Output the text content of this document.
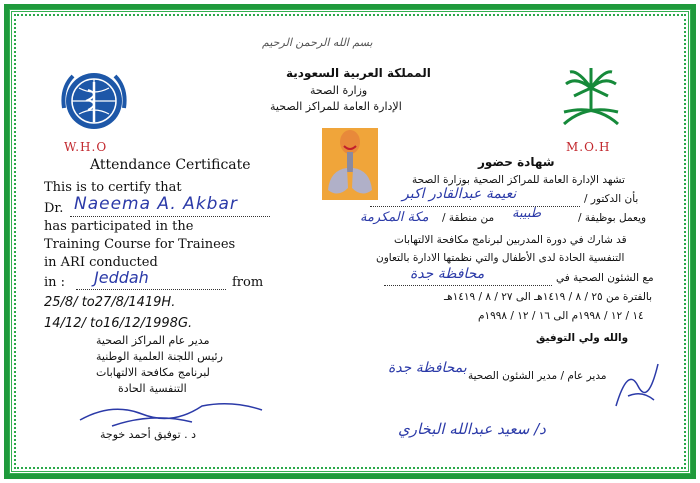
بسم الله الرحمن الرحيم
المملكة العربية السعودية
وزارة الصحة
الإدارة العامة للمراكز الصحية
W.H.O	M.O.H
Attendance Certificate	شهادة حضور
This is to certify that
Dr. Naeema A. Akbar
has participated in the
Training Course for Trainees
in ARI conducted
in : Jeddah	from
25/8/ to27/8/1419H.
14/12/ to16/12/1998G.
تشهد الإدارة العامة للمراكز الصحية بوزارة الصحة
بأن الدكتور /
نعيمة عبدالقادر اكبر
ويعمل بوظيفة /
طبيبة
من منطقة /
مكة المكرمة
قد شارك في دورة المدربين لبرنامج مكافحة الالتهابات
التنفسية الحادة لدى الأطفال والتي نظمتها الادارة بالتعاون
مع الشئون الصحية في
محافظة جدة
بالفترة من ٢٥ / ٨ / ١٤١٩هـ الى ٢٧ / ٨ / ١٤١٩هـ
١٤ / ١٢ / ١٩٩٨م الى ١٦ / ١٢ / ١٩٩٨م
والله ولي التوفيق
مدير عام المراكز الصحية
رئيس اللجنة العلمية الوطنية
لبرنامج مكافحة الالتهابات
التنفسية الحادة
د . توفيق أحمد خوجة
مدير عام / مدير الشئون الصحية
بمحافظة جدة
د/ سعيد عبدالله البخاري
